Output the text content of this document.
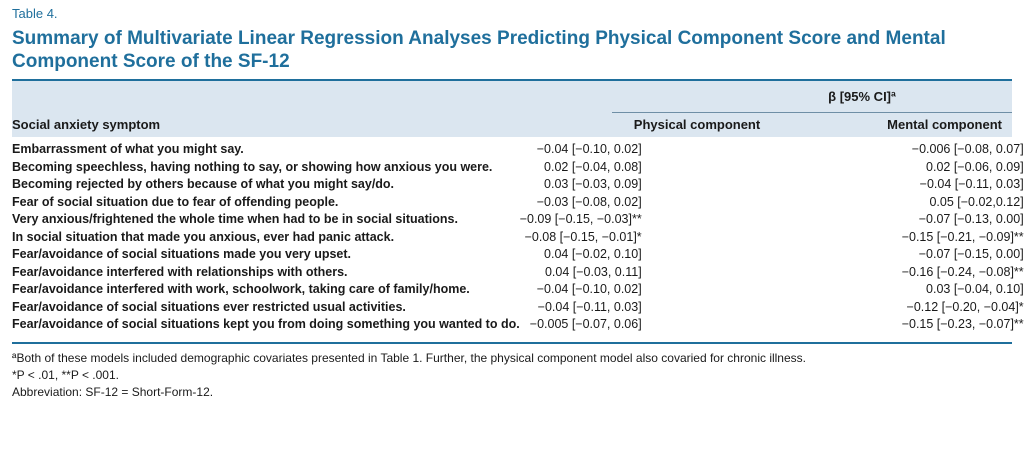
Table 4.
Summary of Multivariate Linear Regression Analyses Predicting Physical Component Score and Mental Component Score of the SF-12
β [95% CI]ª
Social anxiety symptom	Physical component	Mental component
Embarrassment of what you might say.	−0.04 [−0.10, 0.02]	−0.006 [−0.08, 0.07]
Becoming speechless, having nothing to say, or showing how anxious you were.	0.02 [−0.04, 0.08]	0.02 [−0.06, 0.09]
Becoming rejected by others because of what you might say/do.	0.03 [−0.03, 0.09]	−0.04 [−0.11, 0.03]
Fear of social situation due to fear of offending people.	−0.03 [−0.08, 0.02]	0.05 [−0.02,0.12]
Very anxious/frightened the whole time when had to be in social situations.	−0.09 [−0.15, −0.03]**	−0.07 [−0.13, 0.00]
In social situation that made you anxious, ever had panic attack.	−0.08 [−0.15, −0.01]*	−0.15 [−0.21, −0.09]**
Fear/avoidance of social situations made you very upset.	0.04 [−0.02, 0.10]	−0.07 [−0.15, 0.00]
Fear/avoidance interfered with relationships with others.	0.04 [−0.03, 0.11]	−0.16 [−0.24, −0.08]**
Fear/avoidance interfered with work, schoolwork, taking care of family/home.	−0.04 [−0.10, 0.02]	0.03 [−0.04, 0.10]
Fear/avoidance of social situations ever restricted usual activities.	−0.04 [−0.11, 0.03]	−0.12 [−0.20, −0.04]*
Fear/avoidance of social situations kept you from doing something you wanted to do.	−0.005 [−0.07, 0.06]	−0.15 [−0.23, −0.07]**
ªBoth of these models included demographic covariates presented in Table 1. Further, the physical component model also covaried for chronic illness.
*P < .01, **P < .001.
Abbreviation: SF-12 = Short-Form-12.
